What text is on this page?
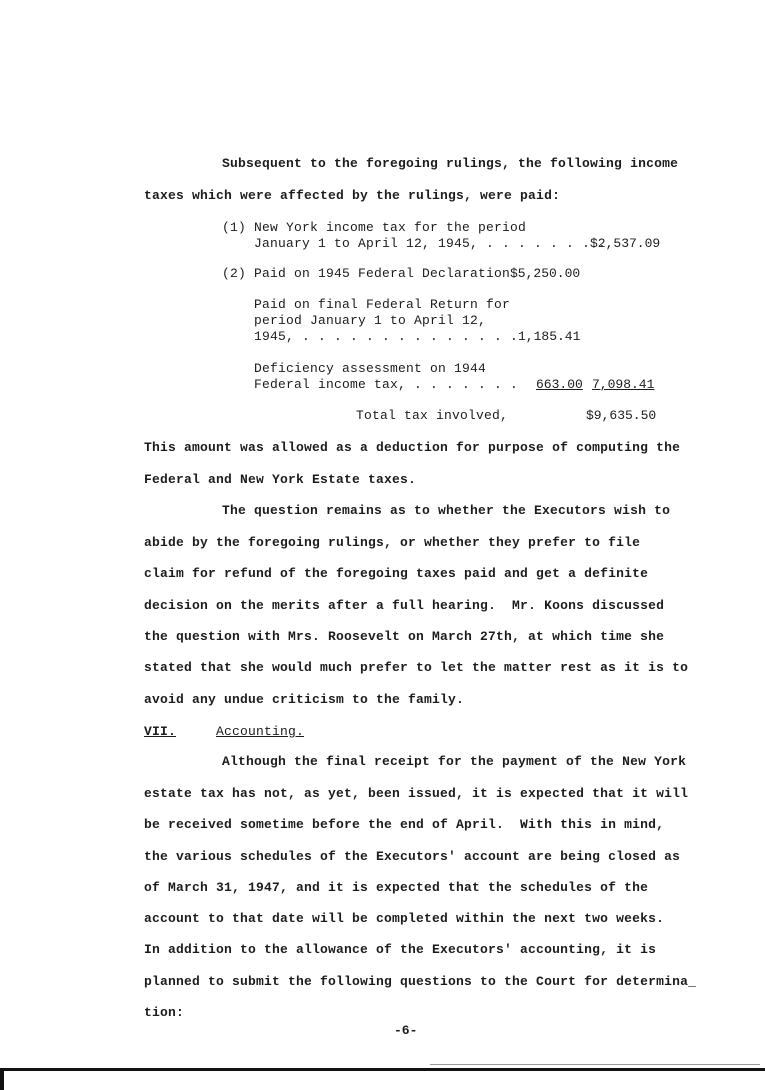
Subsequent to the foregoing rulings, the following income
taxes which were affected by the rulings, were paid:
(1) New York income tax for the period
January 1 to April 12, 1945, . . . . . . . .
$2,537.09
(2) Paid on 1945 Federal Declaration $5,250.00
Paid on final Federal Return for
period January 1 to April 12,
1945, . . . . . . . . . . . . . . 1,185.41
Deficiency assessment on 1944
Federal income tax, . . . . . . . 663.00 7,098.41
Total tax involved,	$9,635.50
This amount was allowed as a deduction for purpose of computing the
Federal and New York Estate taxes.
The question remains as to whether the Executors wish to
abide by the foregoing rulings, or whether they prefer to file
claim for refund of the foregoing taxes paid and get a definite
decision on the merits after a full hearing.  Mr. Koons discussed
the question with Mrs. Roosevelt on March 27th, at which time she
stated that she would much prefer to let the matter rest as it is to
avoid any undue criticism to the family.
VII.	Accounting.
Although the final receipt for the payment of the New York
estate tax has not, as yet, been issued, it is expected that it will
be received sometime before the end of April.  With this in mind,
the various schedules of the Executors' account are being closed as
of March 31, 1947, and it is expected that the schedules of the
account to that date will be completed within the next two weeks.
In addition to the allowance of the Executors' accounting, it is
planned to submit the following questions to the Court for determina_
tion:
-6-
